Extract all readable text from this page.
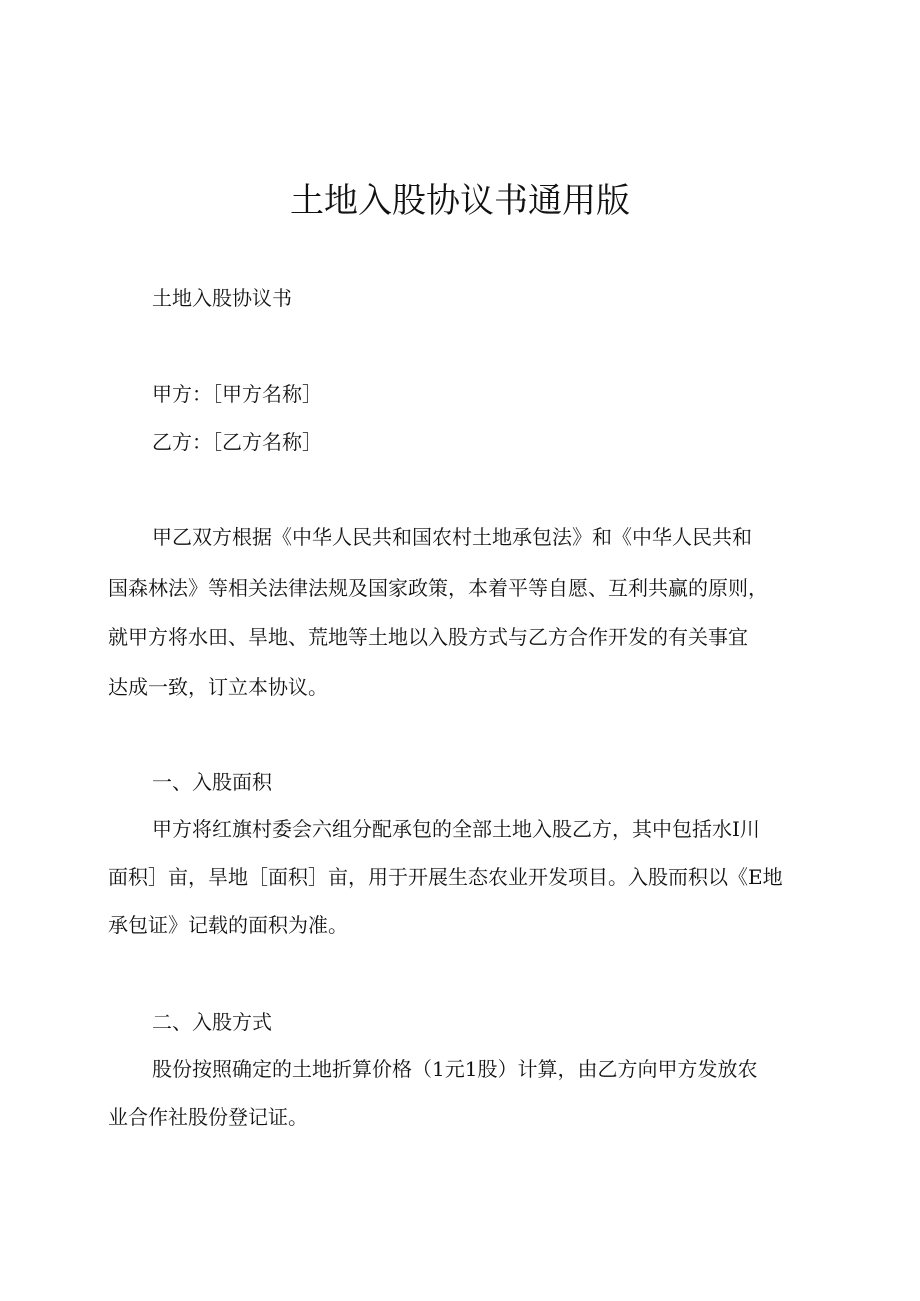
土地入股协议书通用版
土地入股协议书
甲方：［甲方名称］
乙方：［乙方名称］
甲乙双方根据《中华人民共和国农村土地承包法》和《中华人民共和
国森林法》等相关法律法规及国家政策，本着平等自愿、互利共赢的原则，
就甲方将水田、旱地、荒地等土地以入股方式与乙方合作开发的有关事宜
达成一致，订立本协议。
一、入股面积
甲方将红旗村委会六组分配承包的全部土地入股乙方，其中包括水I川
面积］亩，旱地［面积］亩，用于开展生态农业开发项目。入股而积以《E地
承包证》记载的面积为准。
二、入股方式
股份按照确定的土地折算价格（1元1股）计算，由乙方向甲方发放农
业合作社股份登记证。
